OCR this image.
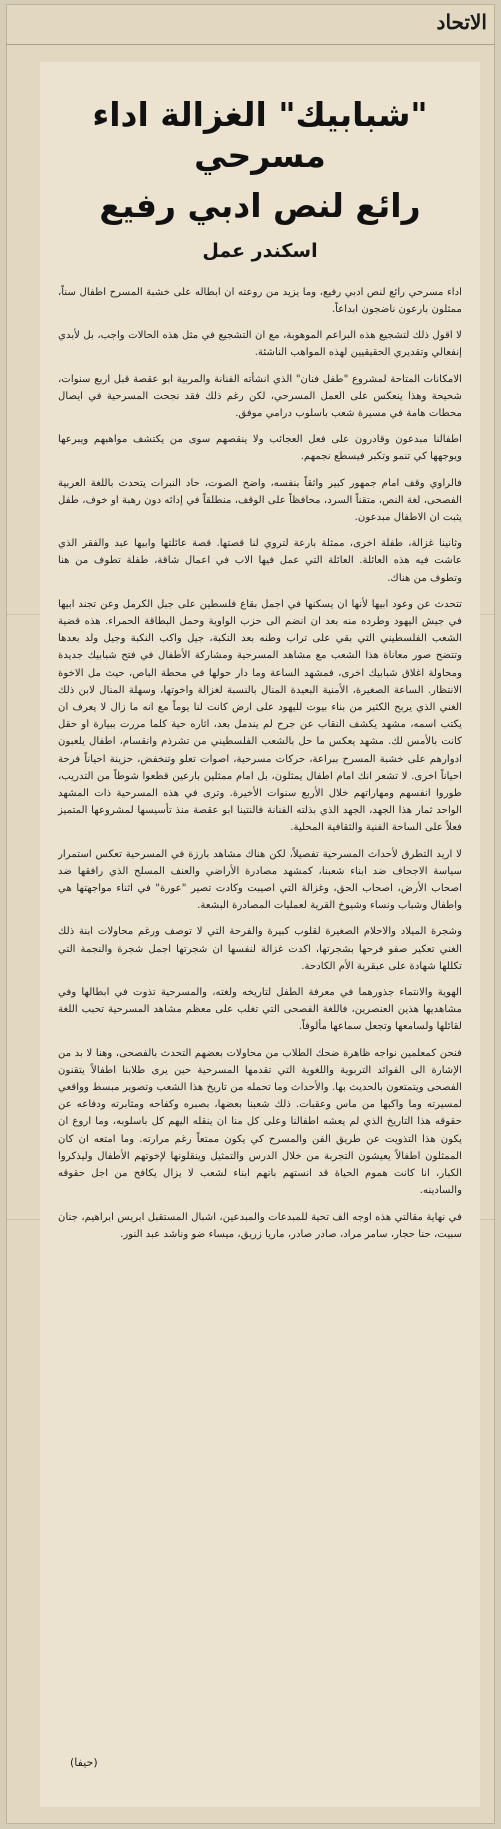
الاتحاد
"شبابيك" الغزالة اداء مسرحي
رائع لنص ادبي رفيع
اسكندر عمل

اداء مسرحي رائع لنص ادبي رفيع، وما يزيد من روعته ان ابطاله على خشبة المسرح اطفال سناً، ممثلون بارعون ناضجون ابداعاً.

لا اقول ذلك لتشجيع هذه البراعم الموهوبة، مع ان التشجيع في مثل هذه الحالات واجب، بل لأبدي إنفعالي وتقديري الحقيقيين لهذه المواهب الناشئة.

الامكانات المتاحة لمشروع "طفل فنان" الذي انشأته الفنانة والمربية ابو عقصة قبل اربع سنوات، شحيحة وهذا ينعكس على العمل المسرحي، لكن رغم ذلك فقد نجحت المسرحية في ايصال محطات هامة في مسيرة شعب باسلوب درامي موفق.

اطفالنا مبدعون وقادرون على فعل العجائب ولا ينقصهم سوى من يكتشف مواهبهم ويبرعها ويوجهها كي تنمو وتكبر فيسطع نجمهم.

فالراوي وقف امام جمهور كبير واثقاً بنفسه، واضح الصوت، حاد النبرات يتحدث باللغة العربية الفصحى، لغة النص، متقناً السرد، محافظاً على الوقف، منطلقاً في إدائه دون رهبة او خوف، طفل يثبت ان الاطفال مبدعون.

وثانينا غزالة، طفلة اخرى، ممثلة بارعة لتروي لنا قصتها. قصة عائلتها وابيها عبد والفقر الذي عاشت فيه هذه العائلة. العائلة التي عمل فيها الاب في اعمال شاقة، طفلة تطوف من هنا وتطوف من هناك.

تتحدث عن وعود ابيها لأنها ان يسكنها في اجمل بقاع فلسطين على جبل الكرمل وعن تجند ابيها في جيش اليهود وطرده منه بعد ان انضم الى حزب الواوية وحمل البطاقة الحمراء. هذه قضية الشعب الفلسطيني التي بقي على تراب وطنه بعد النكبة، جيل واكب النكبة وجيل ولد بعدها وتتضح صور معاناة هذا الشعب مع مشاهد المسرحية ومشاركة الأطفال في فتح شبابيك جديدة ومحاولة اغلاق شبابيك اخرى، فمشهد الساعة وما دار حولها في محطة الباص، حيث مل الاخوة الانتظار. الساعة الصغيرة، الأمنية البعيدة المنال بالنسبة لغزالة واخوتها، وسهلة المنال لابن ذلك الغني الذي يربح الكثير من بناء بيوت لليهود على ارض كانت لنا يوماً مع انه ما زال لا يعرف ان يكتب اسمه، مشهد يكشف النقاب عن جرح لم يندمل بعد، اثاره حية كلما مررت ببيارة او حقل كانت بالأمس لك. مشهد يعكس ما حل بالشعب الفلسطيني من تشرذم وانقسام، اطفال يلعبون ادوارهم على خشبة المسرح ببراعة، حركات مسرحية، اصوات تعلو وتنخفض، حزينة احياناً فرحة احياناً اخرى. لا تشعر انك امام اطفال يمثلون، بل امام ممثلين بارعين قطعوا شوطاً من التدريب، طوروا انفسهم ومهاراتهم خلال الأربع سنوات الأخيرة. وترى في هذه المسرحية ذات المشهد الواحد ثمار هذا الجهد، الجهد الذي بذلته الفنانة فالنتينا ابو عقصة منذ تأسيسها لمشروعها المتميز فعلاً على الساحة الفنية والثقافية المحلية.

لا اريد التطرق لأحداث المسرحية تفصيلاً، لكن هناك مشاهد بارزة في المسرحية تعكس استمرار سياسة الاجحاف ضد ابناء شعبنا، كمشهد مصادرة الأراضي والعنف المسلح الذي رافقها ضد اصحاب الأرض، اصحاب الحق، وغزالة التي اصيبت وكادت تصير "عورة" في اثناء مواجهتها هي واطفال وشباب ونساء وشيوخ القرية لعمليات المصادرة البشعة.

وشجرة الميلاد والاحلام الصغيرة لقلوب كبيرة والفرحة التي لا توصف ورغم محاولات ابنة ذلك الغني تعكير صفو فرحها بشجرتها، اكدت غزالة لنفسها ان شجرتها اجمل شجرة والنجمة التي تكللها شهادة على عبقرية الأم الكادحة.

الهوية والانتماء جذورهما في معرفة الطفل لتاريخه ولغته، والمسرحية تذوت في ابطالها وفي مشاهديها هذين العنصرين، فاللغة الفصحى التي تغلب على معظم مشاهد المسرحية تحبب اللغة لقائلها ولسامعها وتجعل سماعها مألوفاً.

فنحن كمعلمين نواجه ظاهرة ضحك الطلاب من محاولات بعضهم التحدث بالفصحى، وهنا لا بد من الإشارة الى الفوائد التربوية واللغوية التي تقدمها المسرحية حين يرى طلابنا اطفالاً يتقنون الفصحى ويتمتعون بالحديث بها. والأحداث وما تحمله من تاريخ هذا الشعب وتصوير مبسط وواقعي لمسيرته وما واكبها من ماس وعقبات. ذلك شعبنا بعضها، بصبره وكفاحه ومثابرته ودفاعه عن حقوقه هذا التاريخ الذي لم يعشه اطفالنا وعلى كل منا ان ينقله اليهم كل باسلوبه، وما اروع ان يكون هذا التذويت عن طريق الفن والمسرح كي يكون ممتعاً رغم مرارته. وما امتعه ان كان الممثلون اطفالاً يعيشون التجربة من خلال الدرس والتمثيل وينقلونها لإخوتهم الأطفال وليذكروا الكبار، انا كانت هموم الحياة قد انستهم بانهم ابناء لشعب لا يزال يكافح من اجل حقوقه والسادينه.

في نهاية مقالتي هذه اوجه الف تحية للمبدعات والمبدعين، اشبال المستقبل ابريس ابراهيم، جنان سبيت، حنا حجار، سامر مراد، صادر صادر، ماريا زريق، ميساء ضو وناشد عبد النور.

(حيفا)
